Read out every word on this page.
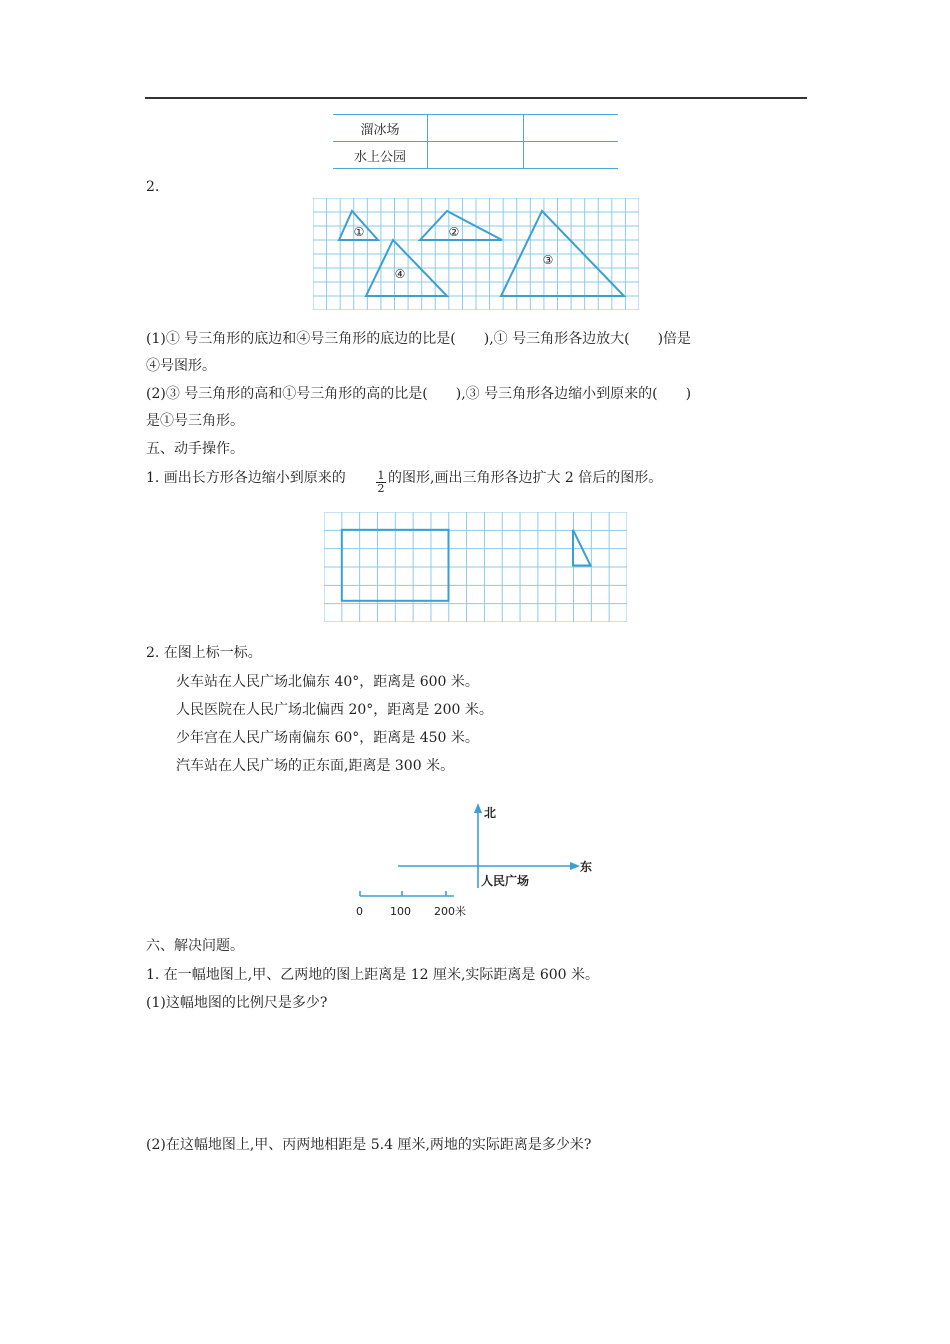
溜冰场		
水上公园		
2.
①	②
③
④
(1)① 号三角形的底边和④号三角形的底边的比是(　　),① 号三角形各边放大(　　)倍是
④号图形。
(2)③ 号三角形的高和①号三角形的高的比是(　　),③ 号三角形各边缩小到原来的(　　)
是①号三角形。
五、动手操作。
1. 画出长方形各边缩小到原来的	$\frac{1}{2}$ 的图形,画出三角形各边扩大 2 倍后的图形。
2. 在图上标一标。
火车站在人民广场北偏东 40°，距离是 600 米。
人民医院在人民广场北偏西 20°，距离是 200 米。
少年宫在人民广场南偏东 60°，距离是 450 米。
汽车站在人民广场的正东面,距离是 300 米。
北
东
人民广场
0 100 200米
六、解决问题。
1. 在一幅地图上,甲、乙两地的图上距离是 12 厘米,实际距离是 600 米。
(1)这幅地图的比例尺是多少?
(2)在这幅地图上,甲、丙两地相距是 5.4 厘米,两地的实际距离是多少米?
